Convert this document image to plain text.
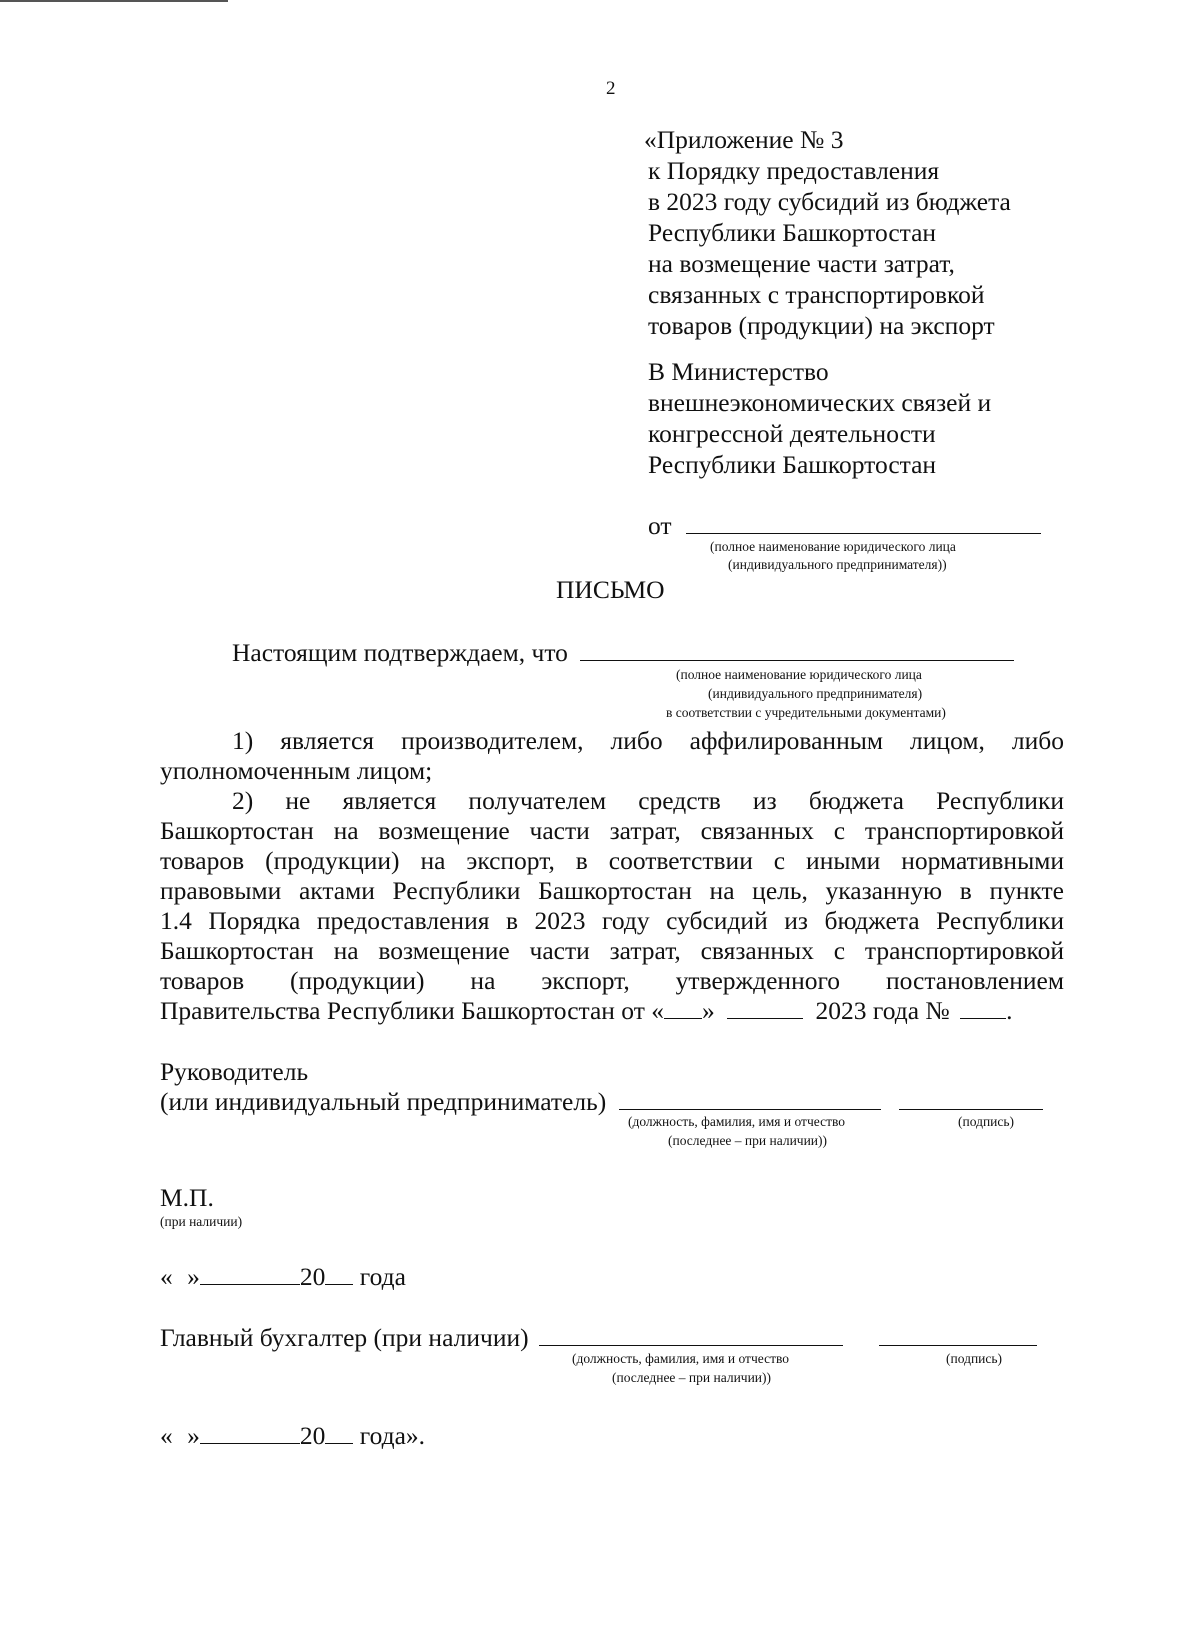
2
«Приложение № 3
к Порядку предоставления
в 2023 году субсидий из бюджета
Республики Башкортостан
на возмещение части затрат,
связанных с транспортировкой
товаров (продукции) на экспорт
В Министерство
внешнеэкономических связей и
конгрессной деятельности
Республики Башкортостан
от
(полное наименование юридического лица
(индивидуального предпринимателя))
ПИСЬМО
Настоящим подтверждаем, что
(полное наименование юридического лица
(индивидуального предпринимателя)
в соответствии с учредительными документами)
1) является производителем, либо аффилированным лицом, либо
уполномоченным лицом;
2) не является получателем средств из бюджета Республики
Башкортостан на возмещение части затрат, связанных с транспортировкой
товаров (продукции) на экспорт, в соответствии с иными нормативными
правовыми актами Республики Башкортостан на цель, указанную в пункте
1.4 Порядка предоставления в 2023 году субсидий из бюджета Республики
Башкортостан на возмещение части затрат, связанных с транспортировкой
товаров (продукции) на экспорт, утвержденного постановлением
Правительства Республики Башкортостан от « »	2023 года № .
Руководитель
(или индивидуальный предприниматель)
(должность, фамилия, имя и отчество	(подпись)
(последнее – при наличии))
М.П.
(при наличии)
« »	20 года
Главный бухгалтер (при наличии)
(должность, фамилия, имя и отчество	(подпись)
(последнее – при наличии))
« »	20 года».
